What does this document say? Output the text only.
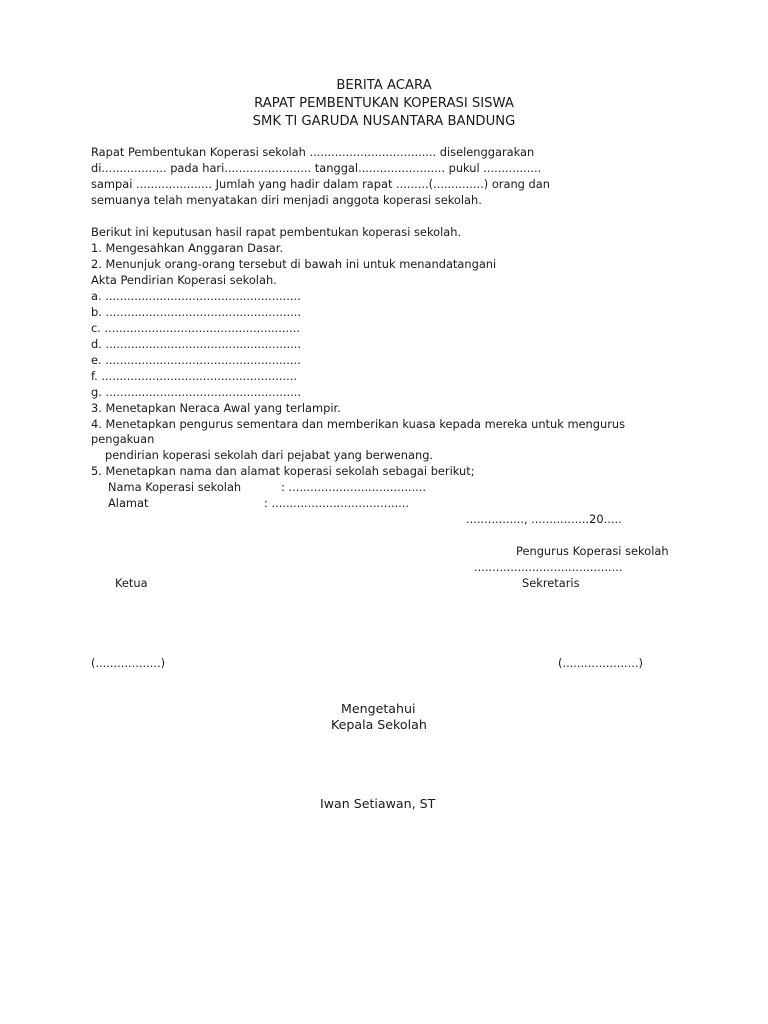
BERITA ACARA
RAPAT PEMBENTUKAN KOPERASI SISWA
SMK TI GARUDA NUSANTARA BANDUNG
Rapat Pembentukan Koperasi sekolah ................................... diselenggarakan
di.................. pada hari........................ tanggal........................ pukul ................
sampai ..................... Jumlah yang hadir dalam rapat .........(..............) orang dan
semuanya telah menyatakan diri menjadi anggota koperasi sekolah.
Berikut ini keputusan hasil rapat pembentukan koperasi sekolah.
1. Mengesahkan Anggaran Dasar.
2. Menunjuk orang-orang tersebut di bawah ini untuk menandatangani
Akta Pendirian Koperasi sekolah.
a. ......................................................
b. ......................................................
c. ......................................................
d. ......................................................
e. ......................................................
f. ......................................................
g. ......................................................
3. Menetapkan Neraca Awal yang terlampir.
4. Menetapkan pengurus sementara dan memberikan kuasa kepada mereka untuk mengurus
pengakuan
pendirian koperasi sekolah dari pejabat yang berwenang.
5. Menetapkan nama dan alamat koperasi sekolah sebagai berikut;
Nama Koperasi sekolah	: ......................................
Alamat	: ......................................
................, ................20.....
Pengurus Koperasi sekolah
.........................................
Ketua	Sekretaris
(..................)	(.....................)
Mengetahui
Kepala Sekolah
Iwan Setiawan, ST
